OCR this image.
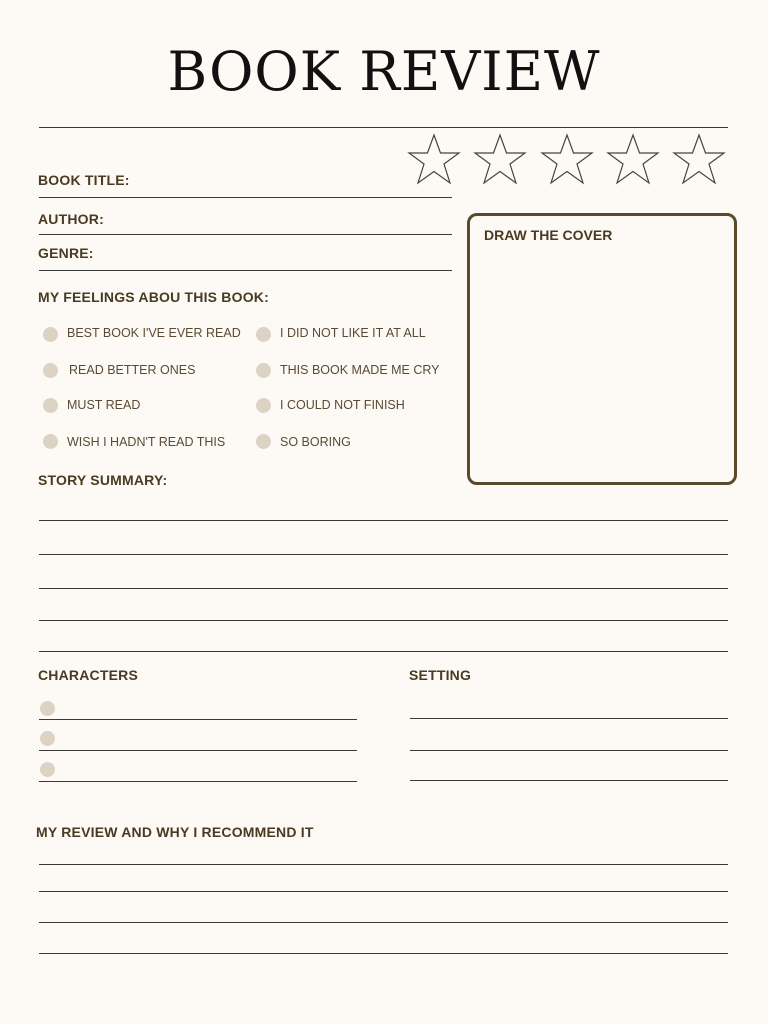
BOOK REVIEW
BOOK TITLE:
AUTHOR:
GENRE:
DRAW THE COVER
MY FEELINGS ABOU THIS BOOK:
BEST BOOK I'VE EVER READ
READ BETTER ONES
MUST READ
WISH I HADN'T READ THIS
I DID NOT LIKE IT AT ALL
THIS BOOK MADE ME CRY
I COULD NOT FINISH
SO BORING
STORY SUMMARY:
CHARACTERS	SETTING
MY REVIEW AND WHY I RECOMMEND IT
